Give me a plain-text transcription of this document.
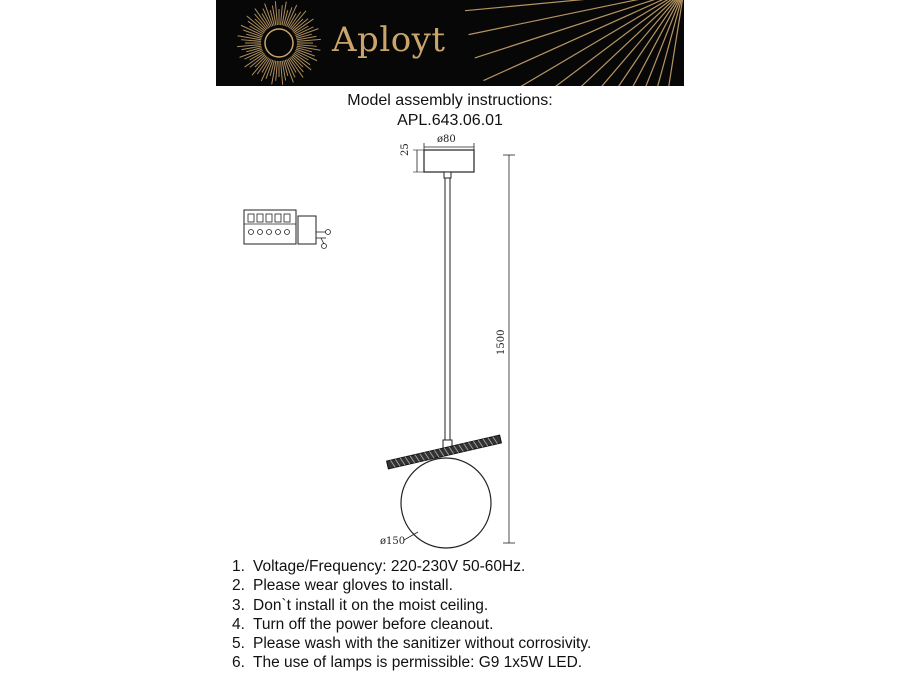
Aployt
Model assembly instructions:
APL.643.06.01
ø80
25
1500
ø150
1. Voltage/Frequency: 220-230V 50-60Hz.
2. Please wear gloves to install.
3. Don`t install it on the moist ceiling.
4. Turn off the power before cleanout.
5. Please wash with the sanitizer without corrosivity.
6. The use of lamps is permissible: G9 1x5W LED.
